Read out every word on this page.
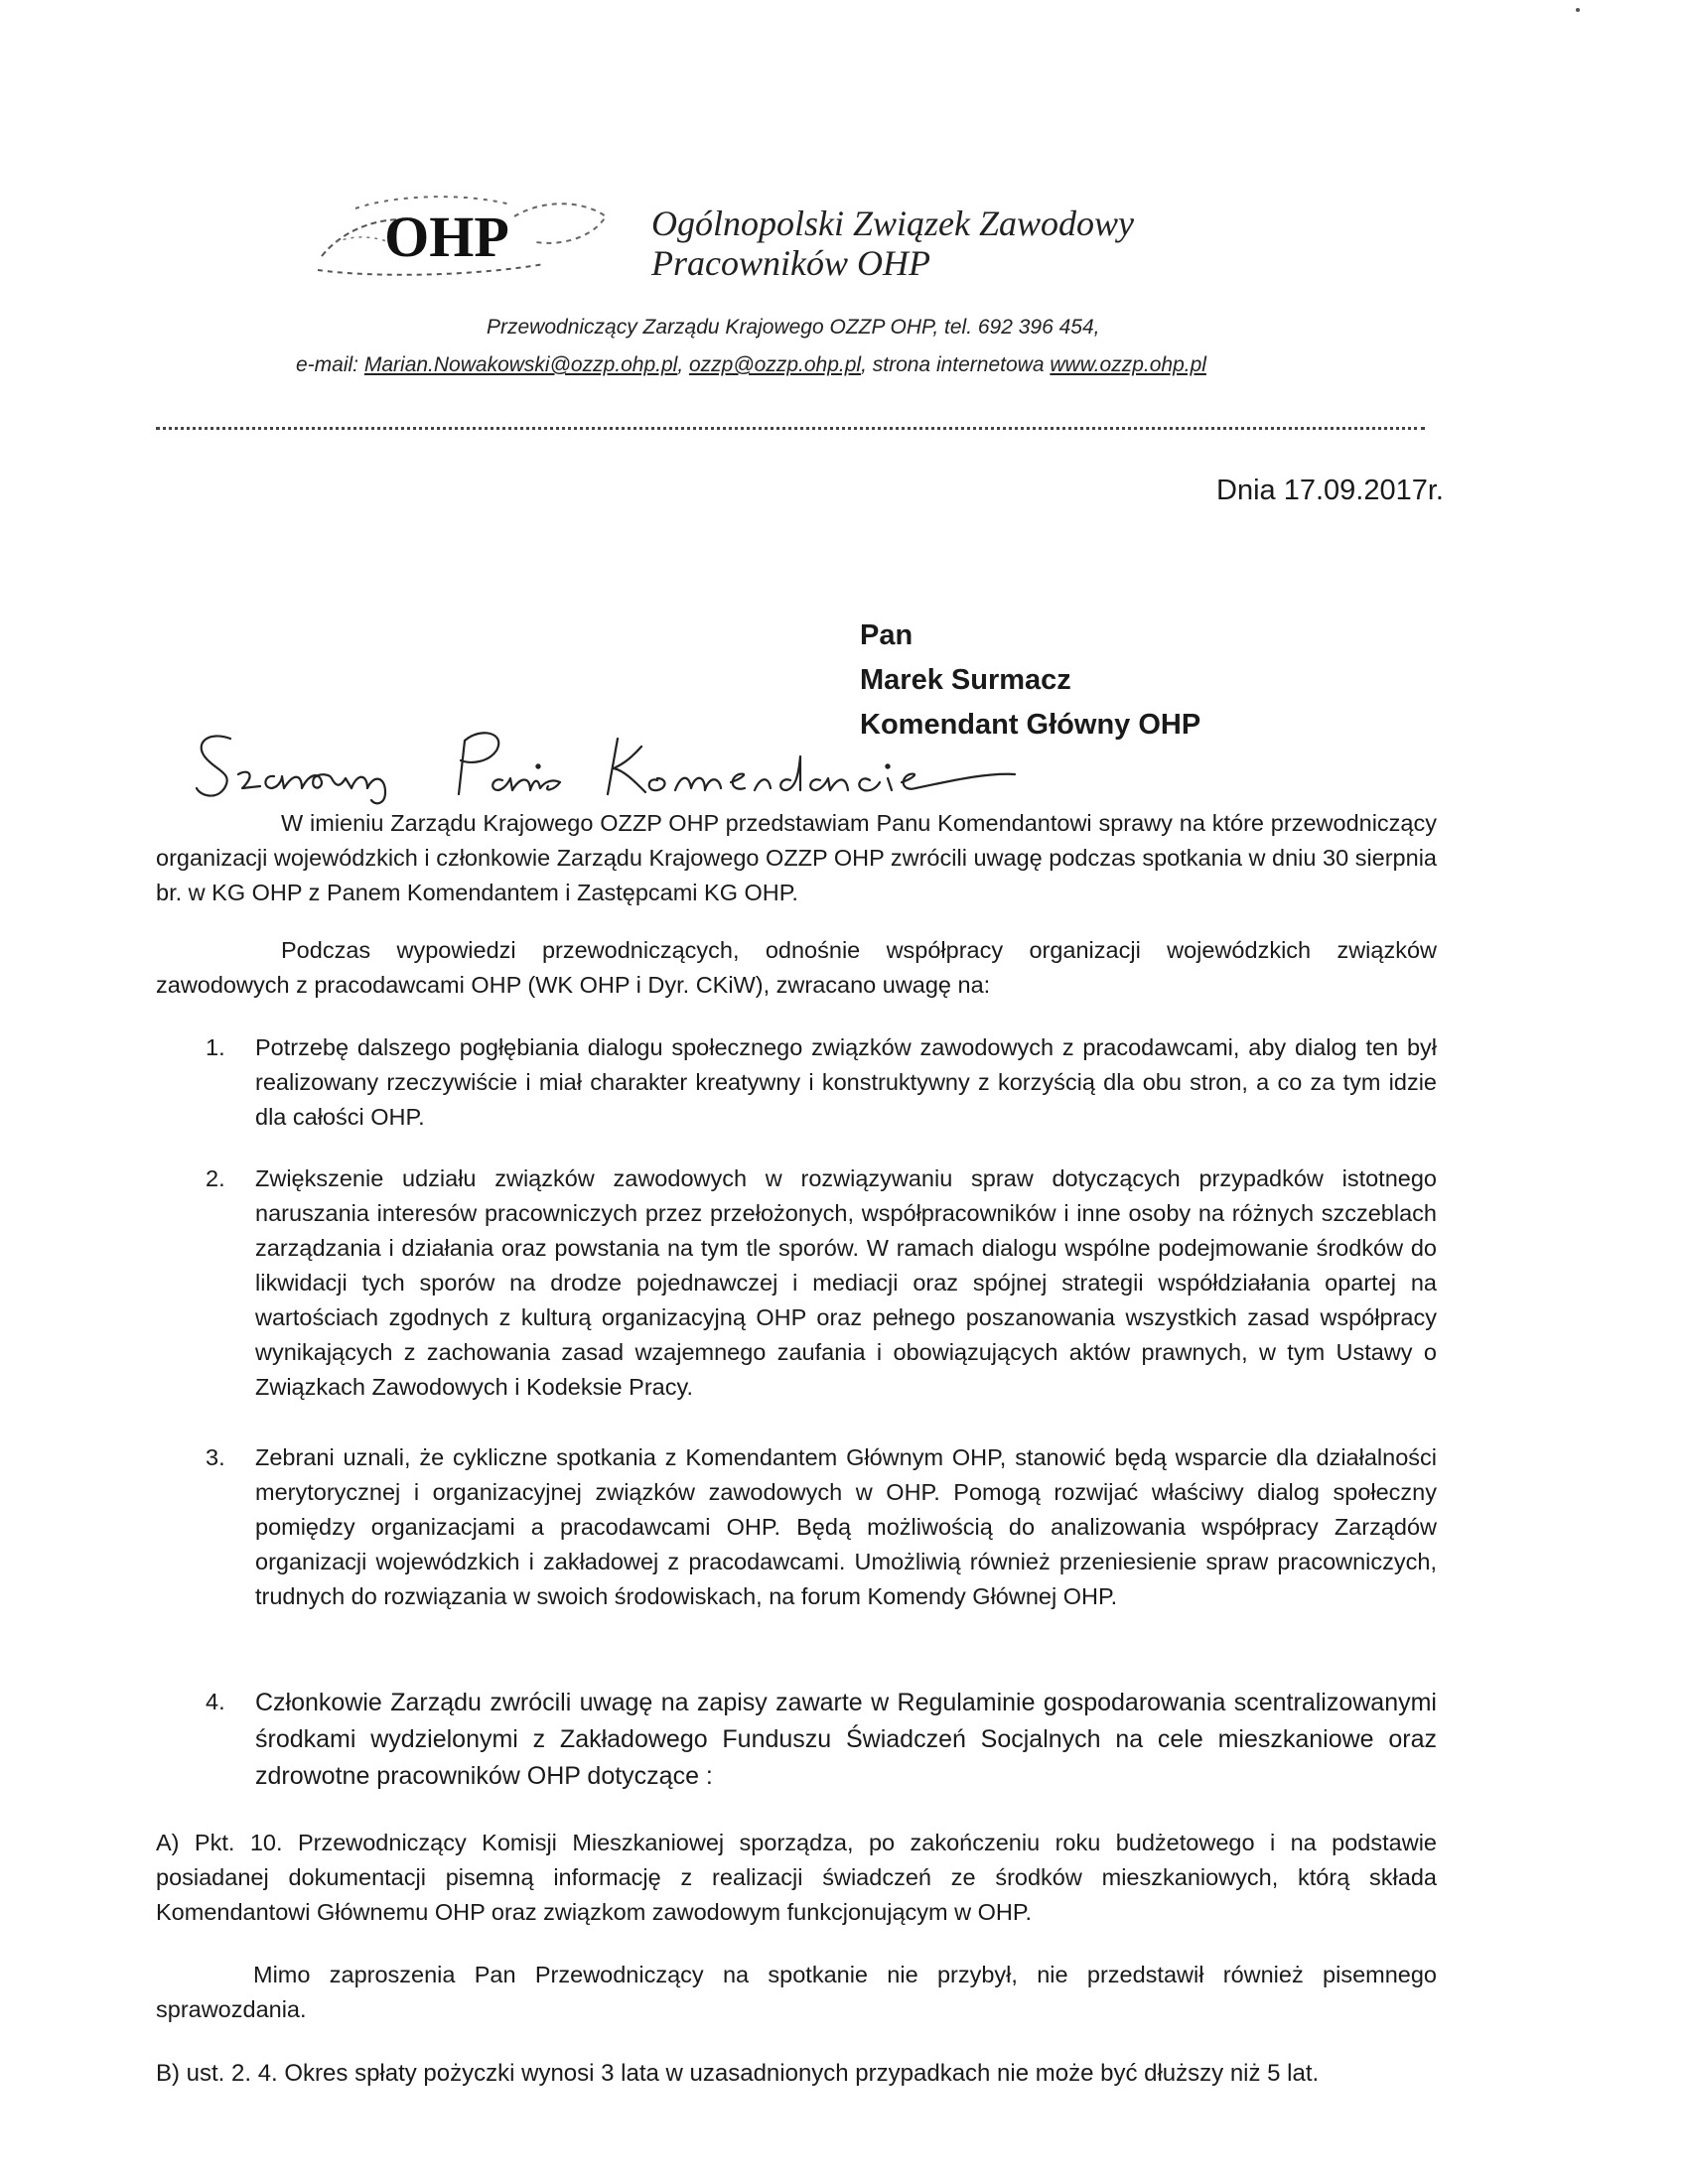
OHP	Ogólnopolski Związek Zawodowy
Pracowników OHP
Przewodniczący Zarządu Krajowego OZZP OHP, tel. 692 396 454,
e-mail: Marian.Nowakowski@ozzp.ohp.pl, ozzp@ozzp.ohp.pl, strona internetowa www.ozzp.ohp.pl
Dnia 17.09.2017r.
Pan
Marek Surmacz
Komendant Główny OHP

W imieniu Zarządu Krajowego OZZP OHP przedstawiam Panu Komendantowi sprawy na które przewodniczący organizacji wojewódzkich i członkowie Zarządu Krajowego OZZP OHP zwrócili uwagę podczas spotkania w dniu 30 sierpnia br. w KG OHP z Panem Komendantem i Zastępcami KG OHP.

Podczas wypowiedzi przewodniczących, odnośnie współpracy organizacji wojewódzkich związków zawodowych z pracodawcami OHP (WK OHP i Dyr. CKiW), zwracano uwagę na:

1. Potrzebę dalszego pogłębiania dialogu społecznego związków zawodowych z pracodawcami, aby dialog ten był realizowany rzeczywiście i miał charakter kreatywny i konstruktywny z korzyścią dla obu stron, a co za tym idzie dla całości OHP.

2. Zwiększenie udziału związków zawodowych w rozwiązywaniu spraw dotyczących przypadków istotnego naruszania interesów pracowniczych przez przełożonych, współpracowników i inne osoby na różnych szczeblach zarządzania i działania oraz powstania na tym tle sporów. W ramach dialogu wspólne podejmowanie środków do likwidacji tych sporów na drodze pojednawczej i mediacji oraz spójnej strategii współdziałania opartej na wartościach zgodnych z kulturą organizacyjną OHP oraz pełnego poszanowania wszystkich zasad współpracy wynikających z zachowania zasad wzajemnego zaufania i obowiązujących aktów prawnych, w tym Ustawy o Związkach Zawodowych i Kodeksie Pracy.

3. Zebrani uznali, że cykliczne spotkania z Komendantem Głównym OHP, stanowić będą wsparcie dla działalności merytorycznej i organizacyjnej związków zawodowych w OHP. Pomogą rozwijać właściwy dialog społeczny pomiędzy organizacjami a pracodawcami OHP. Będą możliwością do analizowania współpracy Zarządów organizacji wojewódzkich i zakładowej z pracodawcami. Umożliwią również przeniesienie spraw pracowniczych, trudnych do rozwiązania w swoich środowiskach, na forum Komendy Głównej OHP.

4. Członkowie Zarządu zwrócili uwagę na zapisy zawarte w Regulaminie gospodarowania scentralizowanymi środkami wydzielonymi z Zakładowego Funduszu Świadczeń Socjalnych na cele mieszkaniowe oraz zdrowotne pracowników OHP dotyczące :

A) Pkt. 10. Przewodniczący Komisji Mieszkaniowej sporządza, po zakończeniu roku budżetowego i na podstawie posiadanej dokumentacji pisemną informację z realizacji świadczeń ze środków mieszkaniowych, którą składa Komendantowi Głównemu OHP oraz związkom zawodowym funkcjonującym w OHP.

Mimo zaproszenia Pan Przewodniczący na spotkanie nie przybył, nie przedstawił również pisemnego sprawozdania.

B) ust. 2. 4. Okres spłaty pożyczki wynosi 3 lata w uzasadnionych przypadkach nie może być dłuższy niż 5 lat.
